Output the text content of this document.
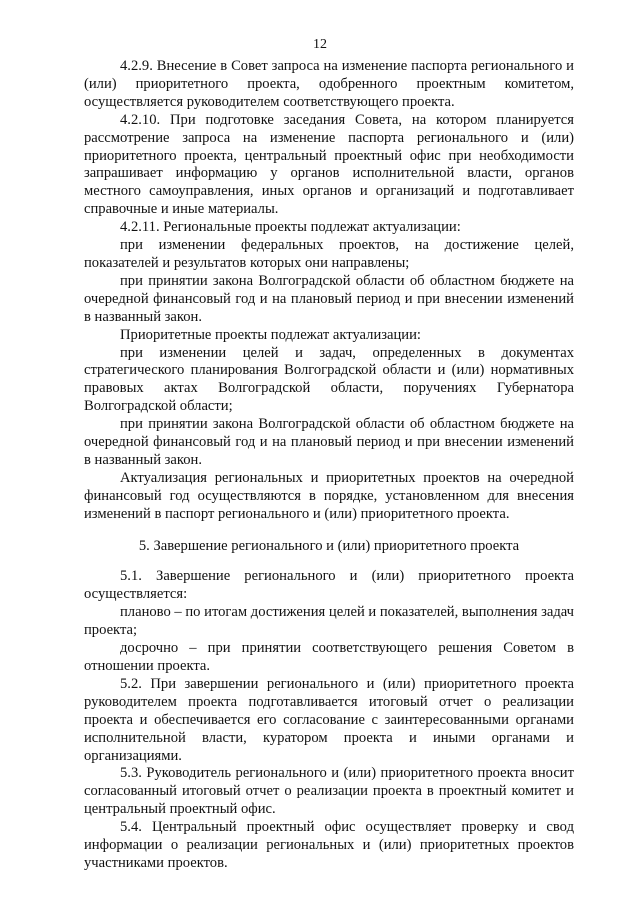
12

4.2.9. Внесение в Совет запроса на изменение паспорта регионального и (или) приоритетного проекта, одобренного проектным комитетом, осуществляется руководителем соответствующего проекта.

4.2.10. При подготовке заседания Совета, на котором планируется рассмотрение запроса на изменение паспорта регионального и (или) приоритетного проекта, центральный проектный офис при необходимости запрашивает информацию у органов исполнительной власти, органов местного самоуправления, иных органов и организаций и подготавливает справочные и иные материалы.

4.2.11. Региональные проекты подлежат актуализации:

при изменении федеральных проектов, на достижение целей, показателей и результатов которых они направлены;

при принятии закона Волгоградской области об областном бюджете на очередной финансовый год и на плановый период и при внесении изменений в названный закон.

Приоритетные проекты подлежат актуализации:

при изменении целей и задач, определенных в документах стратегического планирования Волгоградской области и (или) нормативных правовых актах Волгоградской области, поручениях Губернатора Волгоградской области;

при принятии закона Волгоградской области об областном бюджете на очередной финансовый год и на плановый период и при внесении изменений в названный закон.

Актуализация региональных и приоритетных проектов на очередной финансовый год осуществляются в порядке, установленном для внесения изменений в паспорт регионального и (или) приоритетного проекта.

5. Завершение регионального и (или) приоритетного проекта

5.1. Завершение регионального и (или) приоритетного проекта осуществляется:

планово – по итогам достижения целей и показателей, выполнения задач проекта;

досрочно – при принятии соответствующего решения Советом в отношении проекта.

5.2. При завершении регионального и (или) приоритетного проекта руководителем проекта подготавливается итоговый отчет о реализации проекта и обеспечивается его согласование с заинтересованными органами исполнительной власти, куратором проекта и иными органами и организациями.

5.3. Руководитель регионального и (или) приоритетного проекта вносит согласованный итоговый отчет о реализации проекта в проектный комитет и центральный проектный офис.

5.4. Центральный проектный офис осуществляет проверку и свод информации о реализации региональных и (или) приоритетных проектов участниками проектов.
